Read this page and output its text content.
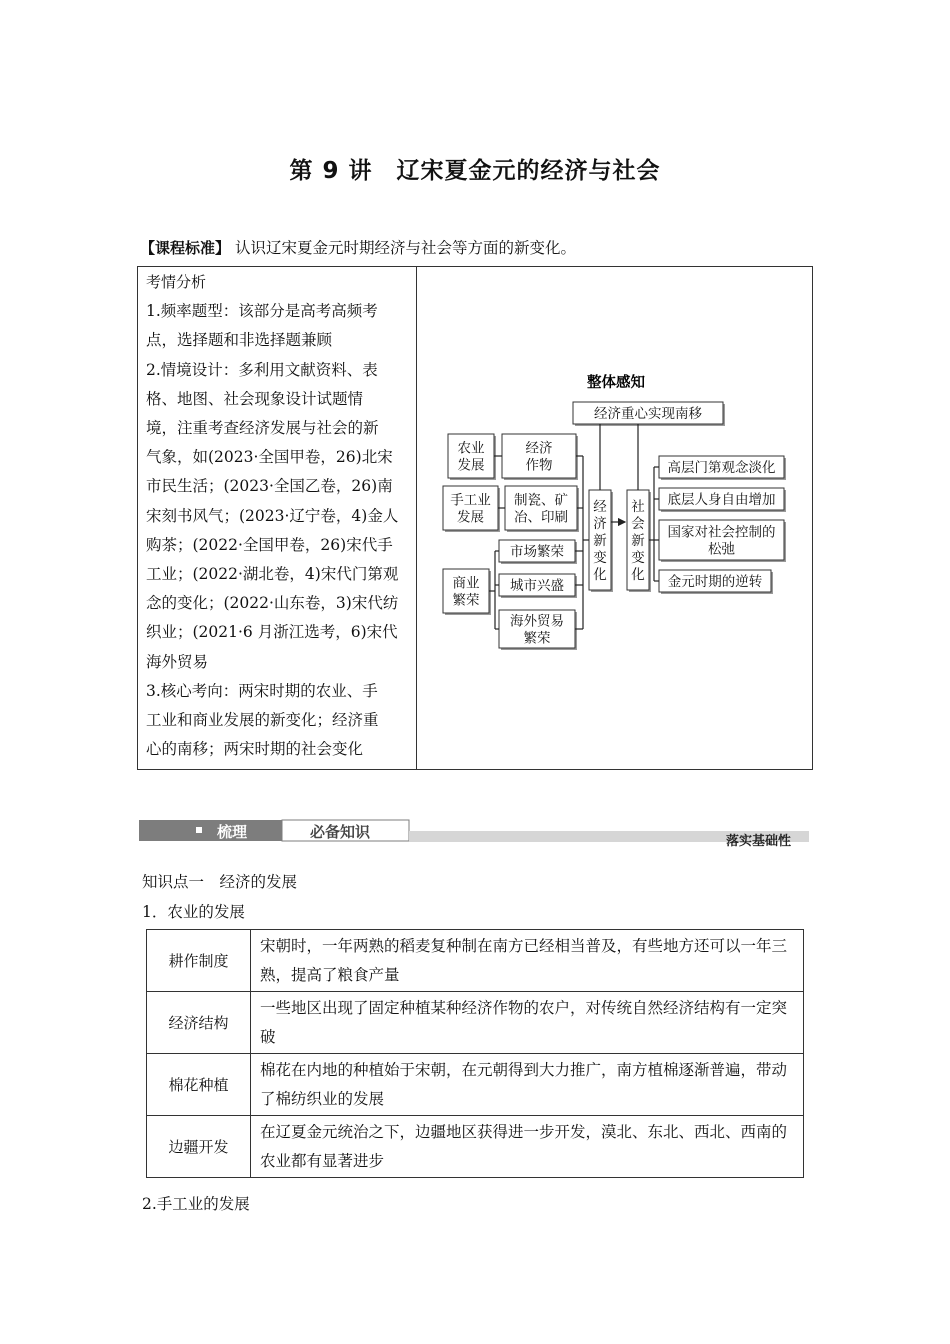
第 9 讲　辽宋夏金元的经济与社会
【课程标准】 认识辽宋夏金元时期经济与社会等方面的新变化。

考情分析

1.频率题型：该部分是高考高频考

点，选择题和非选择题兼顾

2.情境设计：多利用文献资料、表

格、地图、社会现象设计试题情

境，注重考查经济发展与社会的新

气象，如(2023·全国甲卷，26)北宋

市民生活；(2023·全国乙卷，26)南

宋刻书风气；(2023·辽宁卷，4)金人

购茶；(2022·全国甲卷，26)宋代手

工业；(2022·湖北卷，4)宋代门第观

念的变化；(2022·山东卷，3)宋代纺

织业；(2021·6 月浙江选考，6)宋代

海外贸易

3.核心考向：两宋时期的农业、手

工业和商业发展的新变化；经济重

心的南移；两宋时期的社会变化

整体感知
经济重心实现南移
农业
发展
经济
作物
手工业
发展
制瓷、矿
冶、印刷
商业
繁荣
市场繁荣
城市兴盛
海外贸易
繁荣
经
济
新
变
化
社
会
新
变
化
高层门第观念淡化
底层人身自由增加
国家对社会控制的
松弛
金元时期的逆转
梳理	必备知识
落实基础性
知识点一　经济的发展
1．农业的发展
耕作制度	宋朝时，一年两熟的稻麦复种制在南方已经相当普及，有些地方还可以一年三熟，提高了粮食产量
经济结构	一些地区出现了固定种植某种经济作物的农户，对传统自然经济结构有一定突破
棉花种植	棉花在内地的种植始于宋朝，在元朝得到大力推广，南方植棉逐渐普遍，带动了棉纺织业的发展
边疆开发	在辽夏金元统治之下，边疆地区获得进一步开发，漠北、东北、西北、西南的农业都有显著进步
2.手工业的发展
